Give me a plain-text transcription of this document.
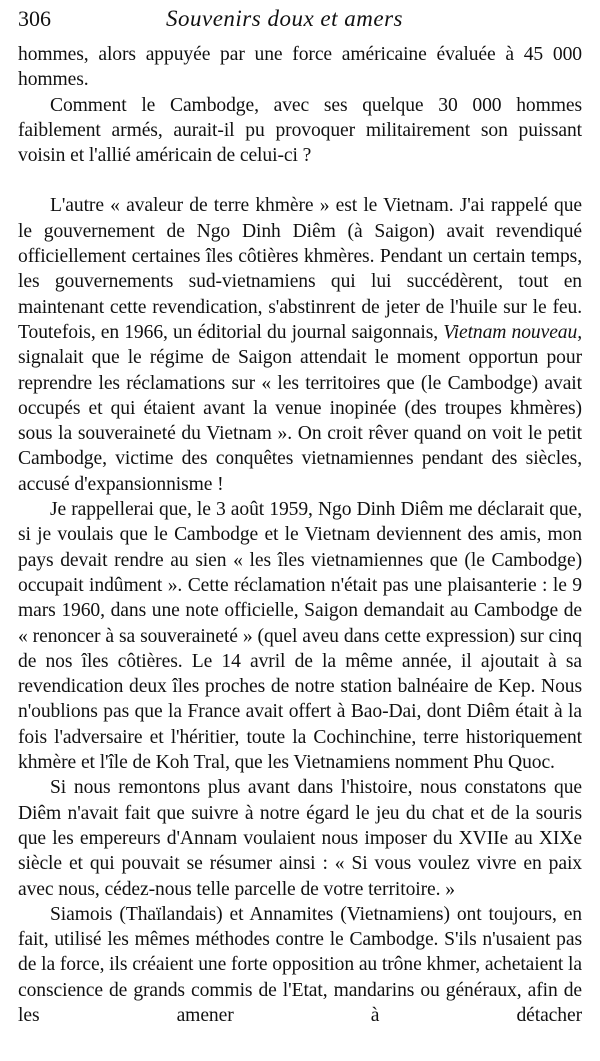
306	Souvenirs doux et amers

hommes, alors appuyée par une force américaine évaluée à 45 000 hommes.

Comment le Cambodge, avec ses quelque 30 000 hommes faiblement armés, aurait-il pu provoquer militairement son puissant voisin et l'allié américain de celui-ci ?

L'autre « avaleur de terre khmère » est le Vietnam. J'ai rappelé que le gouvernement de Ngo Dinh Diêm (à Saigon) avait revendiqué officiellement certaines îles côtières khmères. Pendant un certain temps, les gouvernements sud-vietnamiens qui lui succédèrent, tout en maintenant cette revendication, s'abstinrent de jeter de l'huile sur le feu. Toutefois, en 1966, un éditorial du journal saigonnais, Vietnam nouveau, signalait que le régime de Saigon attendait le moment opportun pour reprendre les réclamations sur « les territoires que (le Cambodge) avait occupés et qui étaient avant la venue inopinée (des troupes khmères) sous la souveraineté du Vietnam ». On croit rêver quand on voit le petit Cambodge, victime des conquêtes vietnamiennes pendant des siècles, accusé d'expansionnisme !

Je rappellerai que, le 3 août 1959, Ngo Dinh Diêm me déclarait que, si je voulais que le Cambodge et le Vietnam deviennent des amis, mon pays devait rendre au sien « les îles vietnamiennes que (le Cambodge) occupait indûment ». Cette réclamation n'était pas une plaisanterie : le 9 mars 1960, dans une note officielle, Saigon demandait au Cambodge de « renoncer à sa souveraineté » (quel aveu dans cette expression) sur cinq de nos îles côtières. Le 14 avril de la même année, il ajoutait à sa revendication deux îles proches de notre station balnéaire de Kep. Nous n'oublions pas que la France avait offert à Bao-Dai, dont Diêm était à la fois l'adversaire et l'héritier, toute la Cochinchine, terre historiquement khmère et l'île de Koh Tral, que les Vietnamiens nomment Phu Quoc.

Si nous remontons plus avant dans l'histoire, nous constatons que Diêm n'avait fait que suivre à notre égard le jeu du chat et de la souris que les empereurs d'Annam voulaient nous imposer du XVIIe au XIXe siècle et qui pouvait se résumer ainsi : « Si vous voulez vivre en paix avec nous, cédez-nous telle parcelle de votre territoire. »

Siamois (Thaïlandais) et Annamites (Vietnamiens) ont toujours, en fait, utilisé les mêmes méthodes contre le Cambodge. S'ils n'usaient pas de la force, ils créaient une forte opposition au trône khmer, achetaient la conscience de grands commis de l'Etat, mandarins ou généraux, afin de les amener à détacher
